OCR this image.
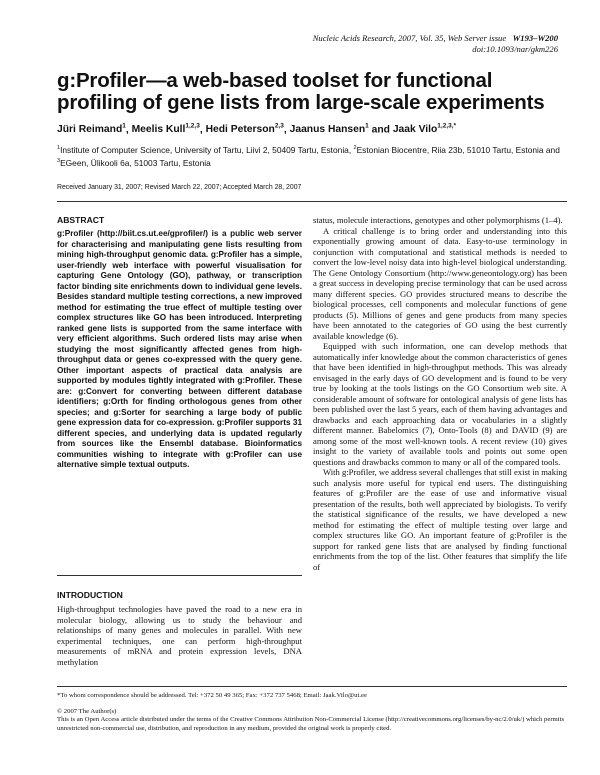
Nucleic Acids Research, 2007, Vol. 35, Web Server issue W193–W200
doi:10.1093/nar/gkm226
g:Profiler—a web-based toolset for functional profiling of gene lists from large-scale experiments
Jüri Reimand$^1$, Meelis Kull$^{1,2,3}$, Hedi Peterson$^{2,3}$, Jaanus Hansen$^1$ and Jaak Vilo$^{1,2,3,*}$
$^1$Institute of Computer Science, University of Tartu, Liivi 2, 50409 Tartu, Estonia, $^2$Estonian Biocentre, Riia 23b, 51010 Tartu, Estonia and $^3$EGeen, Ülikooli 6a, 51003 Tartu, Estonia
Received January 31, 2007; Revised March 22, 2007; Accepted March 28, 2007
ABSTRACT

g:Profiler (http://biit.cs.ut.ee/gprofiler/) is a public web server for characterising and manipulating gene lists resulting from mining high-throughput genomic data. g:Profiler has a simple, user-friendly web interface with powerful visualisation for capturing Gene Ontology (GO), pathway, or transcription factor binding site enrichments down to individual gene levels. Besides standard multiple testing corrections, a new improved method for estimating the true effect of multiple testing over complex structures like GO has been introduced. Interpreting ranked gene lists is supported from the same interface with very efficient algorithms. Such ordered lists may arise when studying the most significantly affected genes from high-throughput data or genes co-expressed with the query gene. Other important aspects of practical data analysis are supported by modules tightly integrated with g:Profiler. These are: g:Convert for converting between different database identifiers; g:Orth for finding orthologous genes from other species; and g:Sorter for searching a large body of public gene expression data for co-expression. g:Profiler supports 31 different species, and underlying data is updated regularly from sources like the Ensembl database. Bioinformatics communities wishing to integrate with g:Profiler can use alternative simple textual outputs.

INTRODUCTION

High-throughput technologies have paved the road to a new era in molecular biology, allowing us to study the behaviour and relationships of many genes and molecules in parallel. With new experimental techniques, one can perform high-throughput measurements of mRNA and protein expression levels, DNA methylation

status, molecule interactions, genotypes and other polymorphisms (1–4).

A critical challenge is to bring order and understanding into this exponentially growing amount of data. Easy-to-use terminology in conjunction with computational and statistical methods is needed to convert the low-level noisy data into high-level biological understanding. The Gene Ontology Consortium (http://www.geneontology.org) has been a great success in developing precise terminology that can be used across many different species. GO provides structured means to describe the biological processes, cell components and molecular functions of gene products (5). Millions of genes and gene products from many species have been annotated to the categories of GO using the best currently available knowledge (6).

Equipped with such information, one can develop methods that automatically infer knowledge about the common characteristics of genes that have been identified in high-throughput methods. This was already envisaged in the early days of GO development and is found to be very true by looking at the tools listings on the GO Consortium web site. A considerable amount of software for ontological analysis of gene lists has been published over the last 5 years, each of them having advantages and drawbacks and each approaching data or vocabularies in a slightly different manner. Babelomics (7), Onto-Tools (8) and DAVID (9) are among some of the most well-known tools. A recent review (10) gives insight to the variety of available tools and points out some open questions and drawbacks common to many or all of the compared tools.

With g:Profiler, we address several challenges that still exist in making such analysis more useful for typical end users. The distinguishing features of g:Profiler are the ease of use and informative visual presentation of the results, both well appreciated by biologists. To verify the statistical significance of the results, we have developed a new method for estimating the effect of multiple testing over large and complex structures like GO. An important feature of g:Profiler is the support for ranked gene lists that are analysed by finding functional enrichments from the top of the list. Other features that simplify the life of

*To whom correspondence should be addressed. Tel: +372 50 49 365; Fax: +372 737 5468; Email: Jaak.Vilo@ut.ee

© 2007 The Author(s)

This is an Open Access article distributed under the terms of the Creative Commons Attribution Non-Commercial License (http://creativecommons.org/licenses/by-nc/2.0/uk/) which permits unrestricted non-commercial use, distribution, and reproduction in any medium, provided the original work is properly cited.
